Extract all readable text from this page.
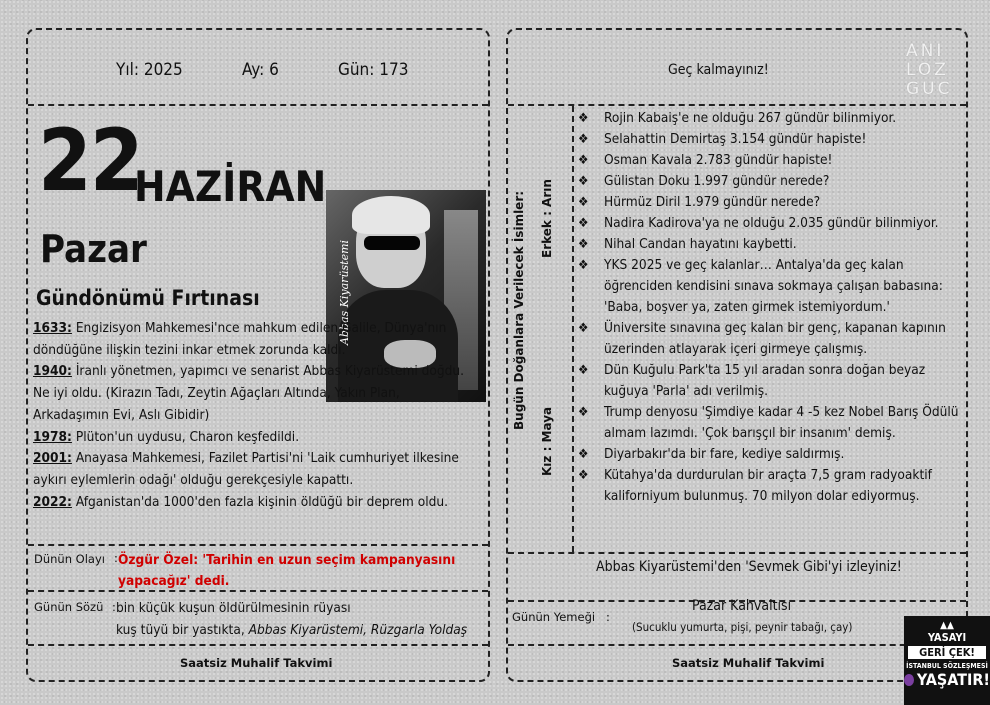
Yıl: 2025	Ay: 6	Gün: 173
22
HAZİRAN
Pazar
Gündönümü Fırtınası	Abbas Kiyarüstemi

1633: Engizisyon Mahkemesi'nce mahkum edilen Galile, Dünya'nın döndüğüne ilişkin tezini inkar etmek zorunda kaldı.

1940: İranlı yönetmen, yapımcı ve senarist Abbas Kiyarüstemi doğdu. Ne iyi oldu. (Kirazın Tadı, Zeytin Ağaçları Altında, Yakın Plan, Arkadaşımın Evi, Aslı Gibidir)

1978: Plüton'un uydusu, Charon keşfedildi.

2001: Anayasa Mahkemesi, Fazilet Partisi'ni 'Laik cumhuriyet ilkesine aykırı eylemlerin odağı' olduğu gerekçesiyle kapattı.

2022: Afganistan'da 1000'den fazla kişinin öldüğü bir deprem oldu.

Dünün Olayı : Özgür Özel: 'Tarihin en uzun seçim kampanyasını yapacağız' dedi.
Günün Sözü : bin küçük kuşun öldürülmesinin rüyası
kuş tüyü bir yastıkta, Abbas Kiyarüstemi, Rüzgarla Yoldaş
Saatsiz Muhalif Takvimi
Geç kalmayınız!
ANI
LOZ
GUC
Bugün Doğanlara Verilecek İsimler: Erkek : Arın
Kız : Maya
❖ Rojin Kabaiş'e ne olduğu 267 gündür bilinmiyor.
❖ Selahattin Demirtaş 3.154 gündür hapiste!
❖ Osman Kavala 2.783 gündür hapiste!
❖ Gülistan Doku 1.997 gündür nerede?
❖ Hürmüz Diril 1.979 gündür nerede?
❖ Nadira Kadirova'ya ne olduğu 2.035 gündür bilinmiyor.
❖ Nihal Candan hayatını kaybetti.
❖ YKS 2025 ve geç kalanlar… Antalya'da geç kalan öğrenciden kendisini sınava sokmaya çalışan babasına: 'Baba, boşver ya, zaten girmek istemiyordum.'
❖ Üniversite sınavına geç kalan bir genç, kapanan kapının üzerinden atlayarak içeri girmeye çalışmış.
❖ Dün Kuğulu Park'ta 15 yıl aradan sonra doğan beyaz kuğuya 'Parla' adı verilmiş.
❖ Trump denyosu 'Şimdiye kadar 4 -5 kez Nobel Barış Ödülü almam lazımdı. 'Çok barışçıl bir insanım' demiş.
❖ Diyarbakır'da bir fare, kediye saldırmış.
❖ Kütahya'da durdurulan bir araçta 7,5 gram radyoaktif kaliforniyum bulunmuş. 70 milyon dolar ediyormuş.
Abbas Kiyarüstemi'den 'Sevmek Gibi'yi izleyiniz!
Günün Yemeği :
Pazar Kahvaltısı
(Sucuklu yumurta, pişi, peynir tabağı, çay)
Saatsiz Muhalif Takvimi
▲▲
YASAYI
GERİ ÇEK!
İSTANBUL SÖZLEŞMESİ
YAŞATIR!
